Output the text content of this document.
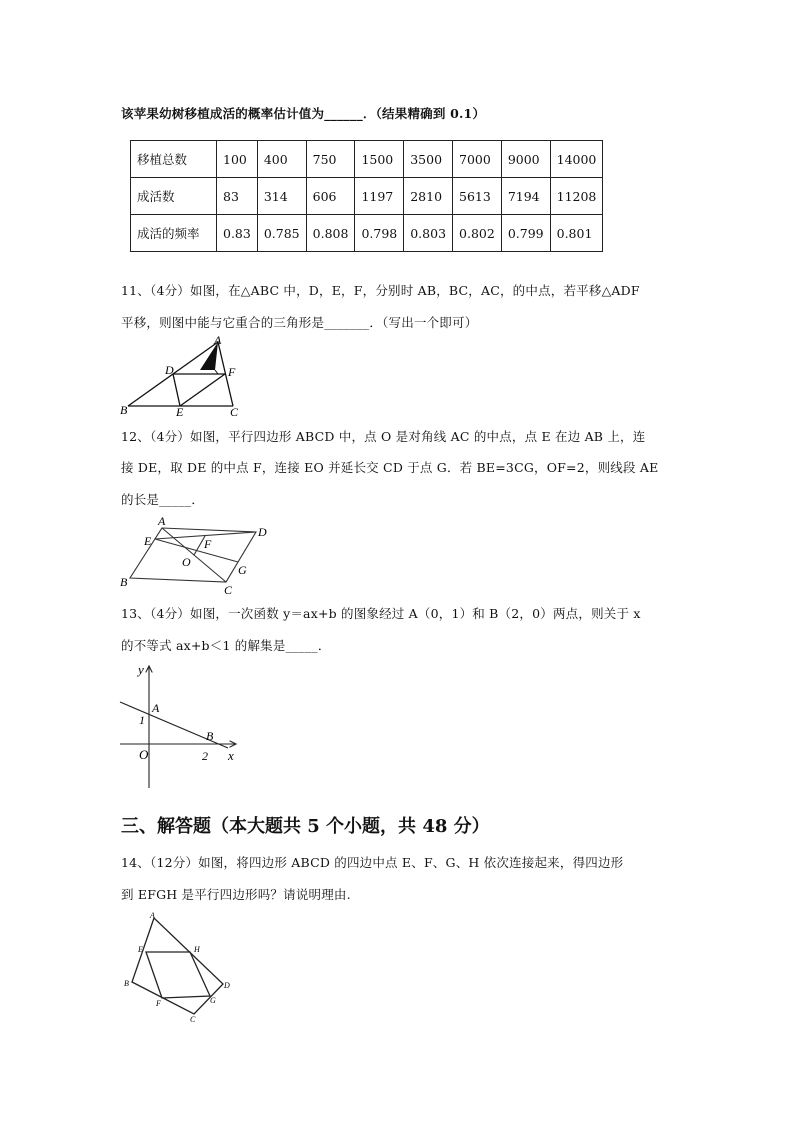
该苹果幼树移植成活的概率估计值为______．（结果精确到 0.1）
移植总数	100	400	750	1500	3500	7000	9000	14000
成活数	83	314	606	1197	2810	5613	7194	11208
成活的频率	0.83	0.785	0.808	0.798	0.803	0.802	0.799	0.801
11、（4分）如图，在△ABC 中，D，E，F，分别时 AB，BC，AC，的中点，若平移△ADF
平移，则图中能与它重合的三角形是_______．（写出一个即可）
A
B	C
D
E
F
12、（4分）如图，平行四边形 ABCD 中，点 O 是对角线 AC 的中点，点 E 在边 AB 上，连
接 DE，取 DE 的中点 F，连接 EO 并延长交 CD 于点 G．若 BE=3CG，OF=2，则线段 AE
的长是_____．
A
B
C
D
E	F
G
O
13、（4分）如图，一次函数 y＝ax+b 的图象经过 A（0，1）和 B（2，0）两点，则关于 x
的不等式 ax+b＜1 的解集是_____．
y
x
O
A
B
1
2
三、解答题（本大题共 5 个小题，共 48 分）
14、（12分）如图，将四边形 ABCD 的四边中点 E、F、G、H 依次连接起来，得四边形
到 EFGH 是平行四边形吗？请说明理由.
A
B
C
D
E
F	G
H
